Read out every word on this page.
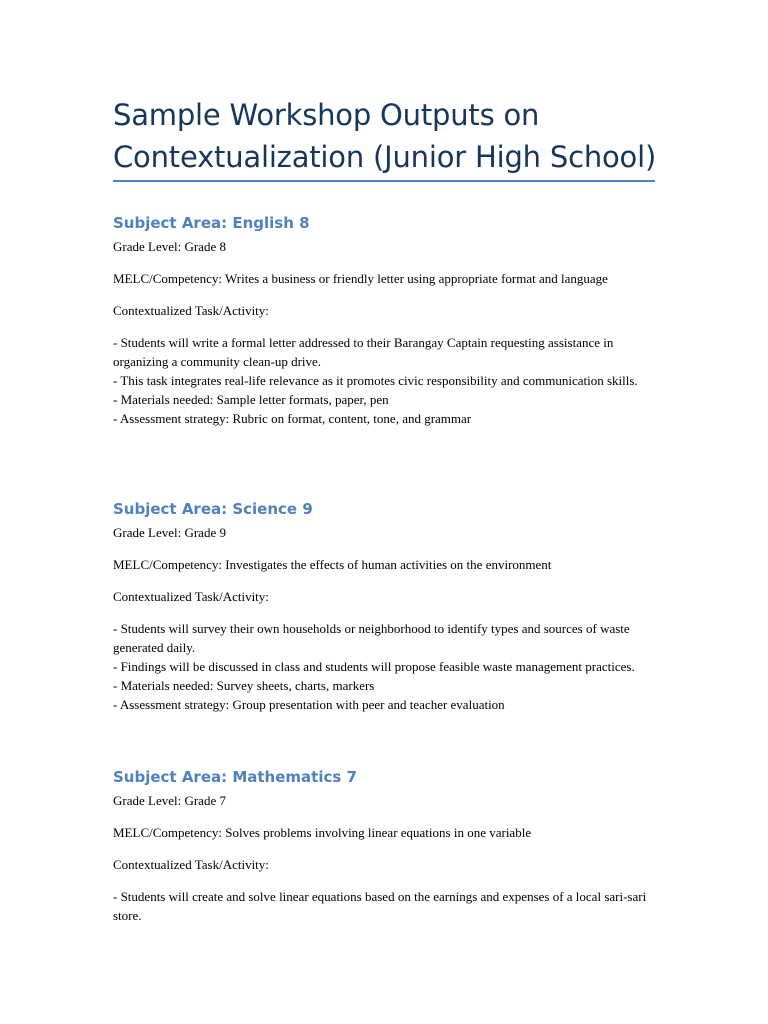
Sample Workshop Outputs on Contextualization (Junior High School)
Subject Area: English 8

Grade Level: Grade 8

MELC/Competency: Writes a business or friendly letter using appropriate format and language

Contextualized Task/Activity:

- Students will write a formal letter addressed to their Barangay Captain requesting assistance in organizing a community clean-up drive.
- This task integrates real-life relevance as it promotes civic responsibility and communication skills.
- Materials needed: Sample letter formats, paper, pen
- Assessment strategy: Rubric on format, content, tone, and grammar
Subject Area: Science 9

Grade Level: Grade 9

MELC/Competency: Investigates the effects of human activities on the environment

Contextualized Task/Activity:

- Students will survey their own households or neighborhood to identify types and sources of waste generated daily.
- Findings will be discussed in class and students will propose feasible waste management practices.
- Materials needed: Survey sheets, charts, markers
- Assessment strategy: Group presentation with peer and teacher evaluation
Subject Area: Mathematics 7

Grade Level: Grade 7

MELC/Competency: Solves problems involving linear equations in one variable

Contextualized Task/Activity:

- Students will create and solve linear equations based on the earnings and expenses of a local sari-sari store.
